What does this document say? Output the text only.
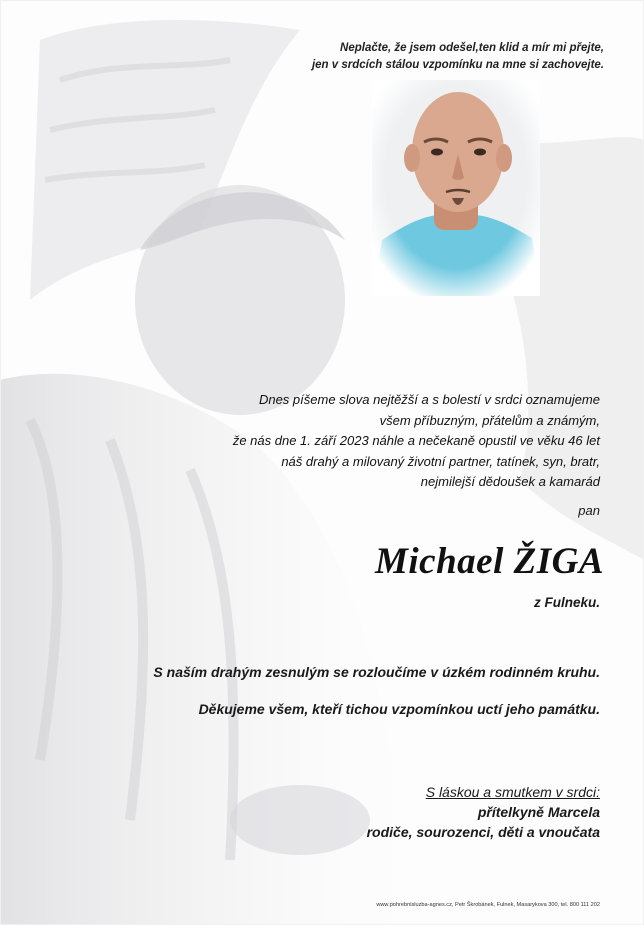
Neplačte, že jsem odešel,ten klid a mír mi přejte,
jen v srdcích stálou vzpomínku na mne si zachovejte.
Dnes píšeme slova nejtěžší a s bolestí v srdci oznamujeme
všem příbuzným, přátelům a známým,
že nás dne 1. září 2023 náhle a nečekaně opustil ve věku 46 let
náš drahý a milovaný životní partner, tatínek, syn, bratr,
nejmilejší dědoušek a kamarád
pan
Michael ŽIGA
z Fulneku.
S naším drahým zesnulým se rozloučíme v úzkém rodinném kruhu.
Děkujeme všem, kteří tichou vzpomínkou uctí jeho památku.
S láskou a smutkem v srdci:
přítelkyně Marcela
rodiče, sourozenci, děti a vnoučata
www.pohrebnisluzba-agnes.cz, Petr Škrobánek, Fulnek, Masarykova 300, tel. 800 111 202
